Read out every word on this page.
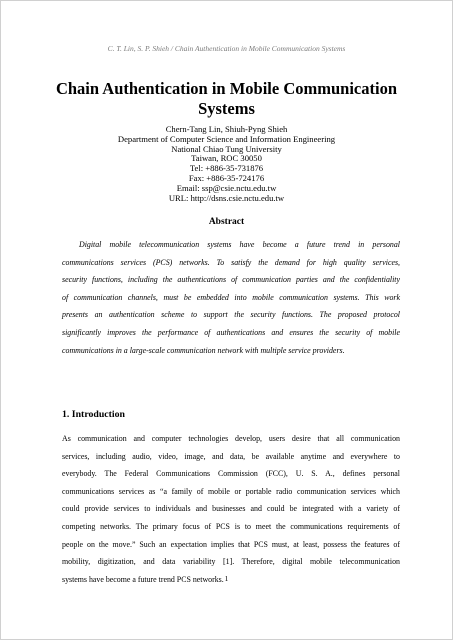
C. T. Lin, S. P. Shieh / Chain Authentication in Mobile Communication Systems
Chain Authentication in Mobile Communication
Systems
Chern-Tang Lin, Shiuh-Pyng Shieh
Department of Computer Science and Information Engineering
National Chiao Tung University
Taiwan, ROC 30050
Tel: +886-35-731876
Fax: +886-35-724176
Email: ssp@csie.nctu.edu.tw
URL: http://dsns.csie.nctu.edu.tw
Abstract
Digital mobile telecommunication systems have become a future trend in personal
communications services (PCS) networks. To satisfy the demand for high quality services,
security functions, including the authentications of communication parties and the confidentiality
of communication channels, must be embedded into mobile communication systems. This work
presents an authentication scheme to support the security functions. The proposed protocol
significantly improves the performance of authentications and ensures the security of mobile
communications in a large-scale communication network with multiple service providers.
1. Introduction
As communication and computer technologies develop, users desire that all communication
services, including audio, video, image, and data, be available anytime and everywhere to
everybody. The Federal Communications Commission (FCC), U. S. A., defines personal
communications services as “a family of mobile or portable radio communication services which
could provide services to individuals and businesses and could be integrated with a variety of
competing networks. The primary focus of PCS is to meet the communications requirements of
people on the move.” Such an expectation implies that PCS must, at least, possess the features of
mobility, digitization, and data variability [1]. Therefore, digital mobile telecommunication
systems have become a future trend PCS networks. 1
